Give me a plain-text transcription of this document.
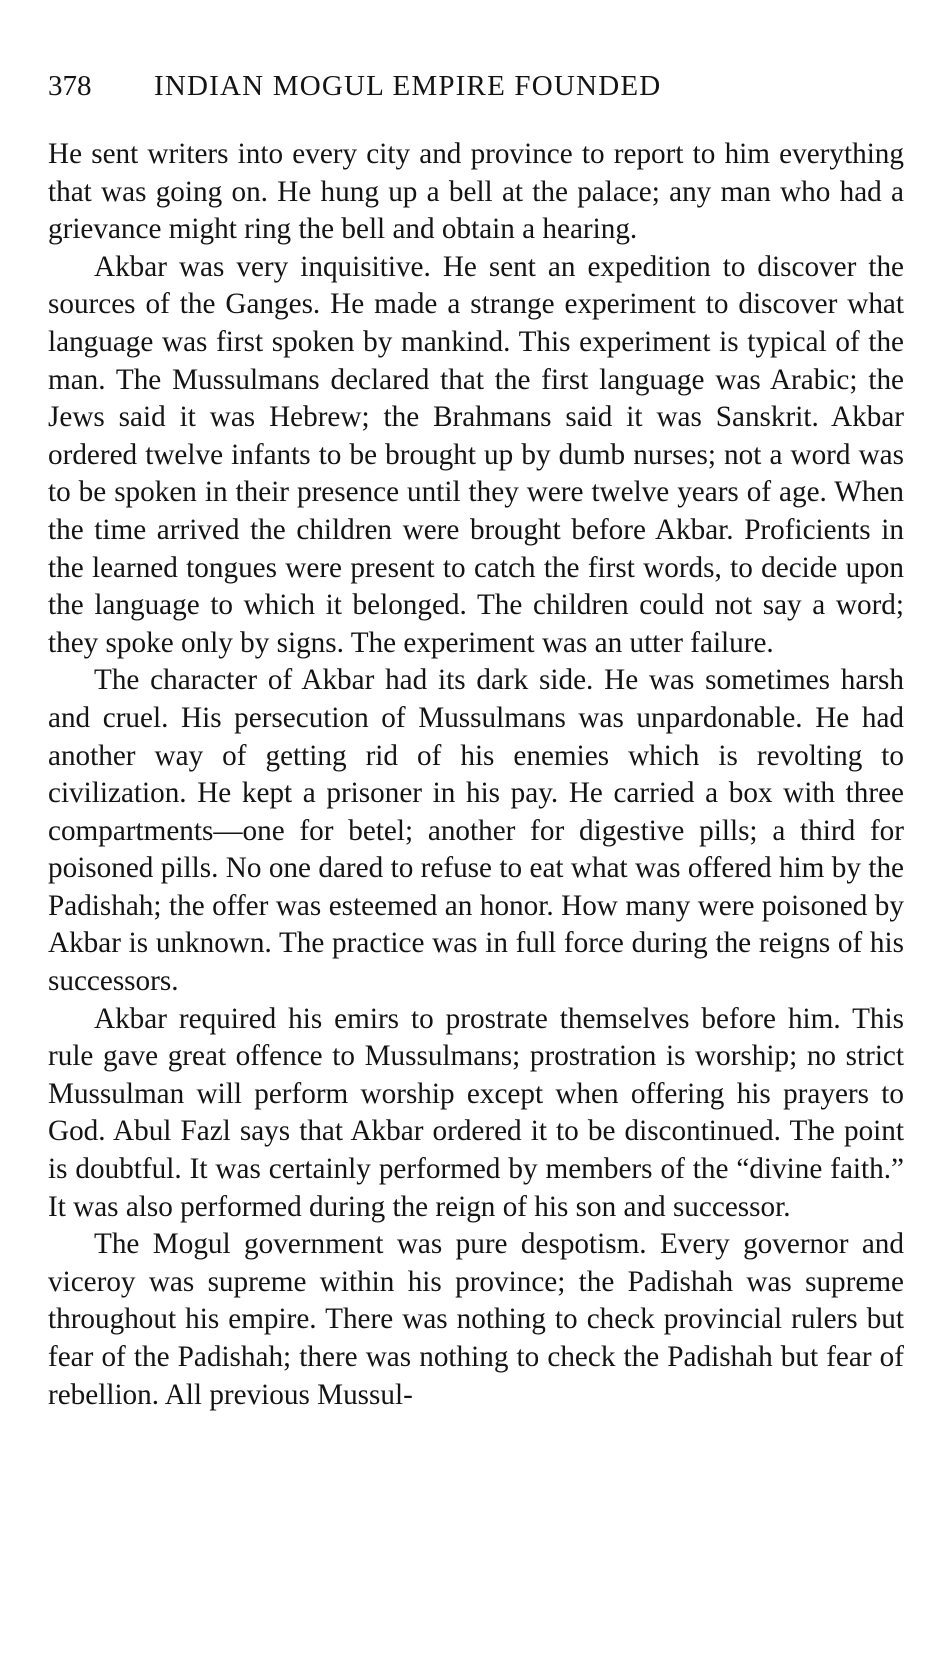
378	INDIAN MOGUL EMPIRE FOUNDED

He sent writers into every city and province to report to him everything that was going on. He hung up a bell at the palace; any man who had a grievance might ring the bell and obtain a hearing.

Akbar was very inquisitive. He sent an expedition to discover the sources of the Ganges. He made a strange experiment to discover what language was first spoken by mankind. This experiment is typical of the man. The Mussulmans declared that the first language was Arabic; the Jews said it was Hebrew; the Brahmans said it was Sanskrit. Akbar ordered twelve infants to be brought up by dumb nurses; not a word was to be spoken in their presence until they were twelve years of age. When the time arrived the children were brought before Akbar. Proficients in the learned tongues were present to catch the first words, to decide upon the language to which it belonged. The children could not say a word; they spoke only by signs. The experiment was an utter failure.

The character of Akbar had its dark side. He was sometimes harsh and cruel. His persecution of Mussulmans was unpardonable. He had another way of getting rid of his enemies which is revolting to civilization. He kept a prisoner in his pay. He carried a box with three compartments—one for betel; another for digestive pills; a third for poisoned pills. No one dared to refuse to eat what was offered him by the Padishah; the offer was esteemed an honor. How many were poisoned by Akbar is unknown. The practice was in full force during the reigns of his successors.

Akbar required his emirs to prostrate themselves before him. This rule gave great offence to Mussulmans; prostration is worship; no strict Mussulman will perform worship except when offering his prayers to God. Abul Fazl says that Akbar ordered it to be discontinued. The point is doubtful. It was certainly performed by members of the “divine faith.” It was also performed during the reign of his son and successor.

The Mogul government was pure despotism. Every governor and viceroy was supreme within his province; the Padishah was supreme throughout his empire. There was nothing to check provincial rulers but fear of the Padishah; there was nothing to check the Padishah but fear of rebellion. All previous Mussul-
